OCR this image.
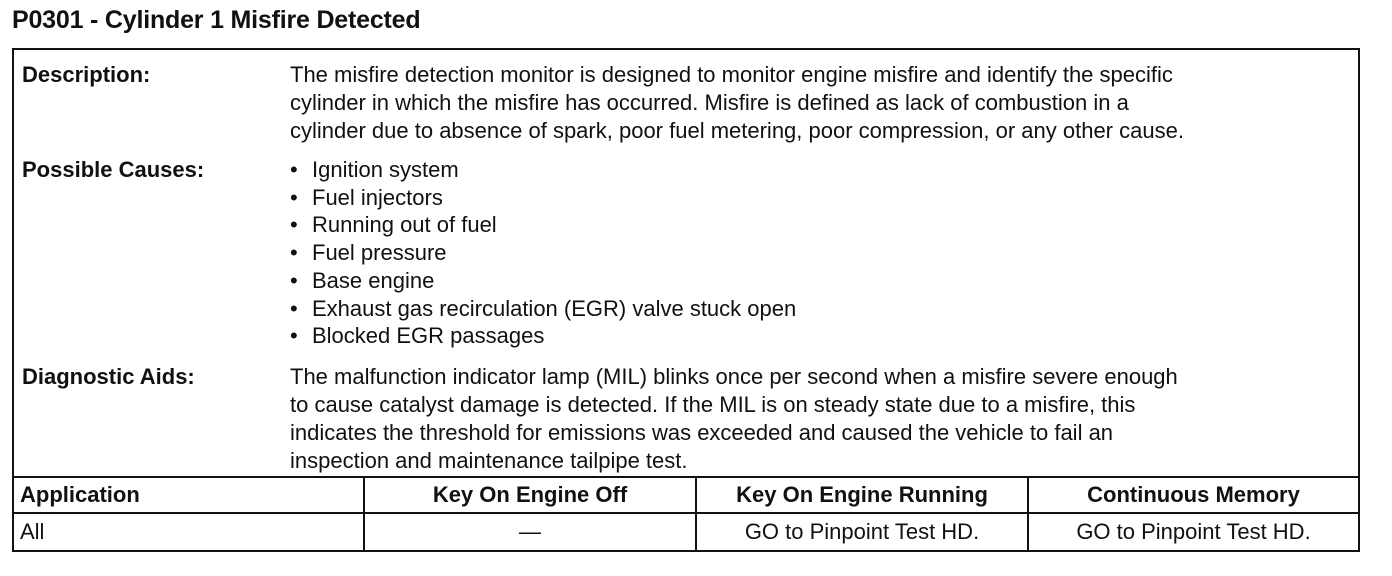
P0301 - Cylinder 1 Misfire Detected
Description:	The misfire detection monitor is designed to monitor engine misfire and identify the specific
cylinder in which the misfire has occurred. Misfire is defined as lack of combustion in a
cylinder due to absence of spark, poor fuel metering, poor compression, or any other cause.
Possible Causes:	• Ignition system
• Fuel injectors
• Running out of fuel
• Fuel pressure
• Base engine
• Exhaust gas recirculation (EGR) valve stuck open
• Blocked EGR passages
Diagnostic Aids:	The malfunction indicator lamp (MIL) blinks once per second when a misfire severe enough
to cause catalyst damage is detected. If the MIL is on steady state due to a misfire, this
indicates the threshold for emissions was exceeded and caused the vehicle to fail an
inspection and maintenance tailpipe test.
Application	Key On Engine Off	Key On Engine Running	Continuous Memory
All	—	GO to Pinpoint Test HD.	GO to Pinpoint Test HD.
